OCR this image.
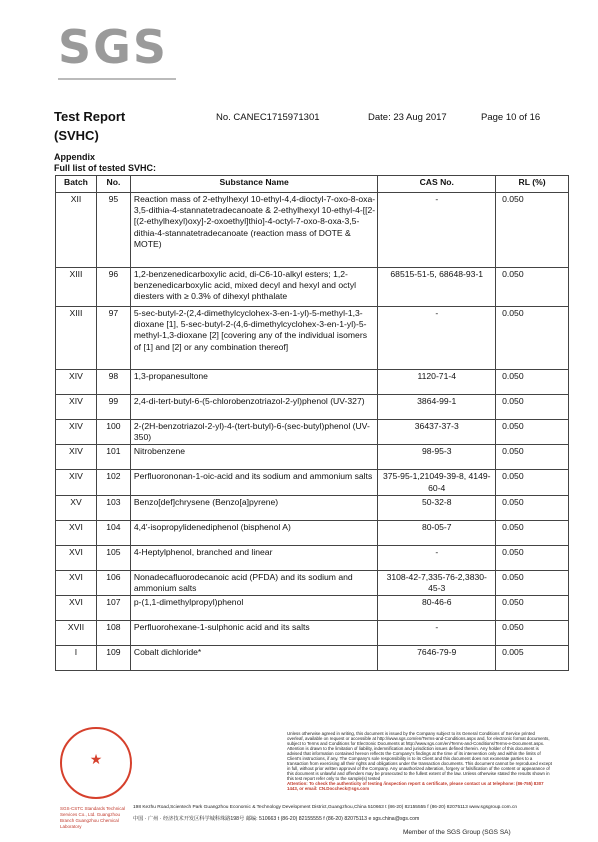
SGS
Test Report
(SVHC)
No. CANEC1715971301	Date: 23 Aug 2017	Page 10 of 16
Appendix
Full list of tested SVHC:
Batch	No.	Substance Name	CAS No.	RL (%)
XII	95	Reaction mass of 2-ethylhexyl 10-ethyl-4,4-dioctyl-7-oxo-8-oxa-3,5-dithia-4-stannatetradecanoate & 2-ethylhexyl 10-ethyl-4-[[2-[(2-ethylhexyl)oxy]-2-oxoethyl]thio]-4-octyl-7-oxo-8-oxa-3,5-dithia-4-stannatetradecanoate (reaction mass of DOTE & MOTE)	-	0.050
XIII	96	1,2-benzenedicarboxylic acid, di-C6-10-alkyl esters; 1,2-benzenedicarboxylic acid, mixed decyl and hexyl and octyl diesters with ≥ 0.3% of dihexyl phthalate	68515-51-5, 68648-93-1	0.050
XIII	97	5-sec-butyl-2-(2,4-dimethylcyclohex-3-en-1-yl)-5-methyl-1,3-dioxane [1], 5-sec-butyl-2-(4,6-dimethylcyclohex-3-en-1-yl)-5-methyl-1,3-dioxane [2] [covering any of the individual isomers of [1] and [2] or any combination thereof]	-	0.050
XIV	98	1,3-propanesultone	1120-71-4	0.050
XIV	99	2,4-di-tert-butyl-6-(5-chlorobenzotriazol-2-yl)phenol (UV-327)	3864-99-1	0.050
XIV	100	2-(2H-benzotriazol-2-yl)-4-(tert-butyl)-6-(sec-butyl)phenol (UV-350)	36437-37-3	0.050
XIV	101	Nitrobenzene	98-95-3	0.050
XIV	102	Perfluorononan-1-oic-acid and its sodium and ammonium salts	375-95-1,21049-39-8, 4149-60-4	0.050
XV	103	Benzo[def]chrysene (Benzo[a]pyrene)	50-32-8	0.050
XVI	104	4,4'-isopropylidenediphenol (bisphenol A)	80-05-7	0.050
XVI	105	4-Heptylphenol, branched and linear	-	0.050
XVI	106	Nonadecafluorodecanoic acid (PFDA) and its sodium and ammonium salts	3108-42-7,335-76-2,3830-45-3	0.050
XVI	107	p-(1,1-dimethylpropyl)phenol	80-46-6	0.050
XVII	108	Perfluorohexane-1-sulphonic acid and its salts	-	0.050
I	109	Cobalt dichloride*	7646-79-9	0.005
★
SGS-CSTC Standards Technical Services Co., Ltd. Guangzhou Branch Guangzhou Chemical Laboratory
Unless otherwise agreed in writing, this document is issued by the Company subject to its General Conditions of Service printed overleaf, available on request or accessible at http://www.sgs.com/en/Terms-and-Conditions.aspx and, for electronic format documents, subject to Terms and Conditions for Electronic Documents at http://www.sgs.com/en/Terms-and-Conditions/Terms-e-Document.aspx. Attention is drawn to the limitation of liability, indemnification and jurisdiction issues defined therein. Any holder of this document is advised that information contained hereon reflects the Company's findings at the time of its intervention only and within the limits of Client's instructions, if any. The Company's sole responsibility is to its Client and this document does not exonerate parties to a transaction from exercising all their rights and obligations under the transaction documents. This document cannot be reproduced except in full, without prior written approval of the Company. Any unauthorized alteration, forgery or falsification of the content or appearance of this document is unlawful and offenders may be prosecuted to the fullest extent of the law. Unless otherwise stated the results shown in this test report refer only to the sample(s) tested
Attention: To check the authenticity of testing /inspection report & certificate, please contact us at telephone: (86-755) 8307 1443, or email: CN.Doccheck@sgs.com
198 Kezhu Road,Scientech Park Guangzhou Economic & Technology Development District,Guangzhou,China 510663 t (86-20) 82155555 f (86-20) 82075113 www.sgsgroup.com.cn
中国 · 广州 · 经济技术开发区科学城科珠路198号 邮编: 510663 t (86-20) 82155555 f (86-20) 82075113 e sgs.china@sgs.com
Member of the SGS Group (SGS SA)
